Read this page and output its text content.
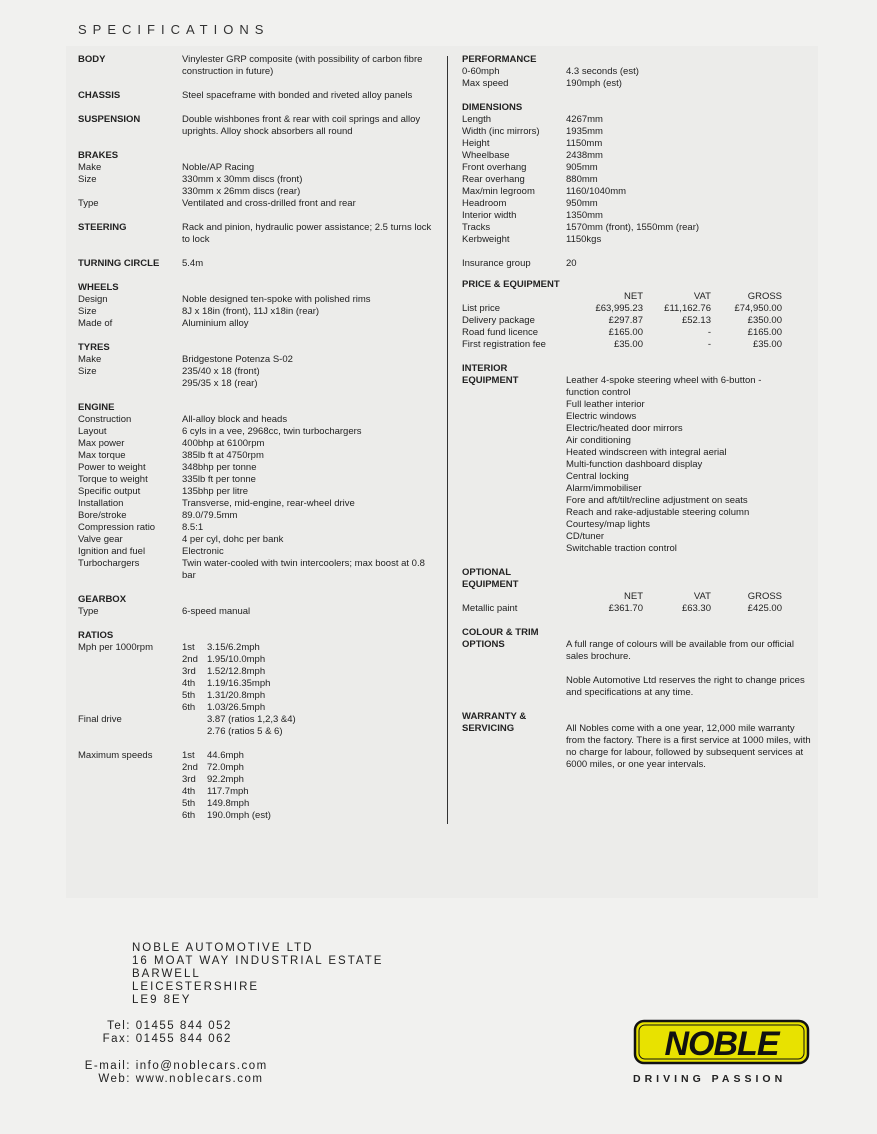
SPECIFICATIONS
BODY	Vinylester GRP composite (with possibility of carbon fibre construction in future)
CHASSIS	Steel spaceframe with bonded and riveted alloy panels
SUSPENSION	Double wishbones front & rear with coil springs and alloy uprights. Alloy shock absorbers all round
BRAKES
Make	Noble/AP Racing
Size	330mm x 30mm discs (front)
330mm x 26mm discs (rear)
Type	Ventilated and cross-drilled front and rear
STEERING	Rack and pinion, hydraulic power assistance; 2.5 turns lock to lock
TURNING CIRCLE	5.4m
WHEELS
Design	Noble designed ten-spoke with polished rims
Size	8J x 18in (front), 11J x18in (rear)
Made of	Aluminium alloy
TYRES
Make	Bridgestone Potenza S-02
Size	235/40 x 18 (front)
295/35 x 18 (rear)
ENGINE
Construction	All-alloy block and heads
Layout	6 cyls in a vee, 2968cc, twin turbochargers
Max power	400bhp at 6100rpm
Max torque	385lb ft at 4750rpm
Power to weight	348bhp per tonne
Torque to weight	335lb ft per tonne
Specific output	135bhp per litre
Installation	Transverse, mid-engine, rear-wheel drive
Bore/stroke	89.0/79.5mm
Compression ratio	8.5:1
Valve gear	4 per cyl, dohc per bank
Ignition and fuel	Electronic
Turbochargers	Twin water-cooled with twin intercoolers; max boost at 0.8 bar
GEARBOX
Type	6-speed manual
RATIOS
Mph per 1000rpm	1st 3.15/6.2mph
2nd 1.95/10.0mph
3rd 1.52/12.8mph
4th 1.19/16.35mph
5th 1.31/20.8mph
6th 1.03/26.5mph
Final drive	3.87 (ratios 1,2,3 &4)
2.76 (ratios 5 & 6)
Maximum speeds	1st 44.6mph
2nd 72.0mph
3rd 92.2mph
4th 117.7mph
5th 149.8mph
6th 190.0mph (est)
PERFORMANCE
0-60mph	4.3 seconds (est)
Max speed	190mph (est)
DIMENSIONS
Length	4267mm
Width (inc mirrors)	1935mm
Height	1150mm
Wheelbase	2438mm
Front overhang	905mm
Rear overhang	880mm
Max/min legroom	1160/1040mm
Headroom	950mm
Interior width	1350mm
Tracks	1570mm (front), 1550mm (rear)
Kerbweight	1150kgs
Insurance group	20
PRICE & EQUIPMENT
NET	VAT	GROSS
List price	£63,995.23	£11,162.76	£74,950.00
Delivery package	£297.87	£52.13	£350.00
Road fund licence	£165.00	-	£165.00
First registration fee	£35.00	-	£35.00
INTERIOR
EQUIPMENT	Leather 4-spoke steering wheel with 6-button -
function control
Full leather interior
Electric windows
Electric/heated door mirrors
Air conditioning
Heated windscreen with integral aerial
Multi-function dashboard display
Central locking
Alarm/immobiliser
Fore and aft/tilt/recline adjustment on seats
Reach and rake-adjustable steering column
Courtesy/map lights
CD/tuner
Switchable traction control
OPTIONAL
EQUIPMENT
NET	VAT	GROSS
Metallic paint	£361.70	£63.30	£425.00
COLOUR & TRIM
OPTIONS	A full range of colours will be available from our official sales brochure.
Noble Automotive Ltd reserves the right to change prices and specifications at any time.
WARRANTY &
SERVICING	All Nobles come with a one year, 12,000 mile warranty from the factory. There is a first service at 1000 miles, with no charge for labour, followed by subsequent services at 6000 miles, or one year intervals.
NOBLE AUTOMOTIVE LTD
16 MOAT WAY INDUSTRIAL ESTATE
BARWELL
LEICESTERSHIRE
LE9 8EY
Tel: 01455 844 052
Fax: 01455 844 062
E-mail: info@noblecars.com
Web: www.noblecars.com
NOBLE
DRIVING PASSION
